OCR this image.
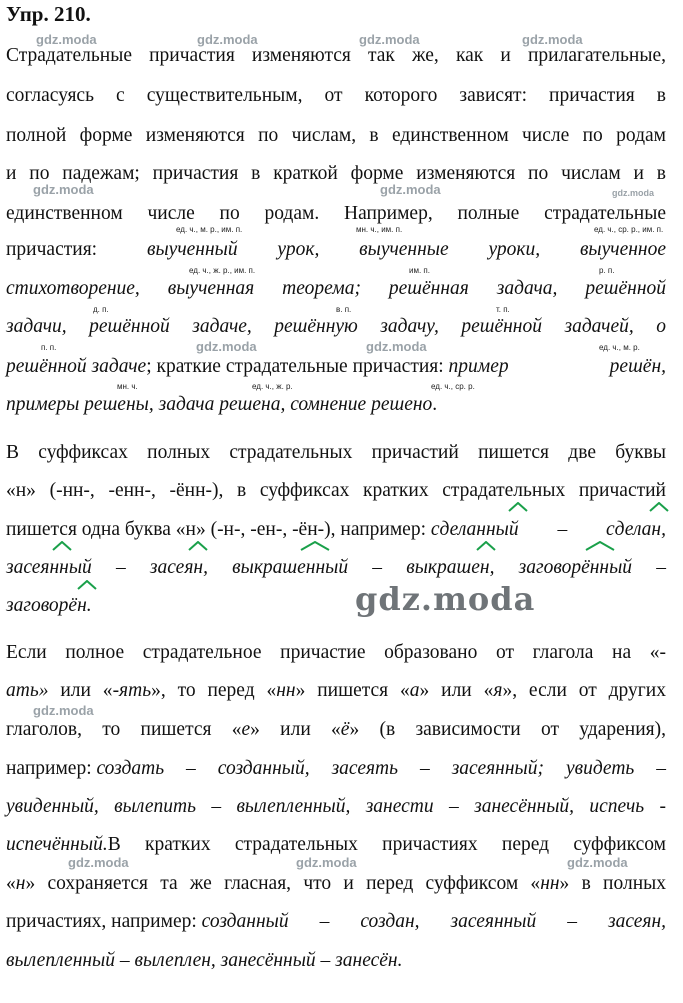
Упр. 210.
gdz.moda	gdz.moda	gdz.moda	gdz.moda
gdz.moda	gdz.moda	gdz.moda
gdz.moda	gdz.moda
gdz.moda
gdz.moda
gdz.moda	gdz.moda	gdz.moda
Страдательные причастия изменяются так же, как и прилагательные,
согласуясь с существительным, от которого зависят: причастия в
полной форме изменяются по числам, в единственном числе по родам
и по падежам; причастия в краткой форме изменяются по числам и в
единственном числе по родам. Например, полные страдательные
ед. ч., м. р., им. п.	мн. ч., им. п.	ед. ч., ср. р., им. п.
причастия:	выученный урок, выученные уроки, выученное
ед. ч., ж. р., им. п.	им. п.	р. п.
стихотворение, выученная теорема; решённая задача, решённой
д. п.	в. п.	т. п.
задачи, решённой задаче, решённую задачу, решённой задачей, о
п. п.	ед. ч., м. р.
решённой задаче ; краткие страдательные причастия: пример решён,
мн. ч.	ед. ч., ж. р.	ед. ч., ср. р.
примеры решены, задача решена, сомнение решено.
В суффиксах полных страдательных причастий пишется две буквы
«н» (-нн-, -енн-, -ённ-), в суффиксах кратких страдательных причастий
пишется одна буква «н» (-н-, -ен-, -ён-), например: сделанный – сделан,
засеянный – засеян, выкрашенный – выкрашен, заговорённый –
заговорён.
Если полное страдательное причастие образовано от глагола на «-
ать» или «-ять», то перед «нн» пишется «а» или «я», если от других
глаголов, то пишется «е» или «ё» (в зависимости от ударения),
например: создать – созданный, засеять – засеянный; увидеть –
увиденный, вылепить – вылепленный, занести – занесённый, испечь -
испечённый. В кратких страдательных причастиях перед суффиксом
«н» сохраняется та же гласная, что и перед суффиксом «нн» в полных
причастиях, например: созданный – создан, засеянный – засеян,
вылепленный – вылеплен, занесённый – занесён.
